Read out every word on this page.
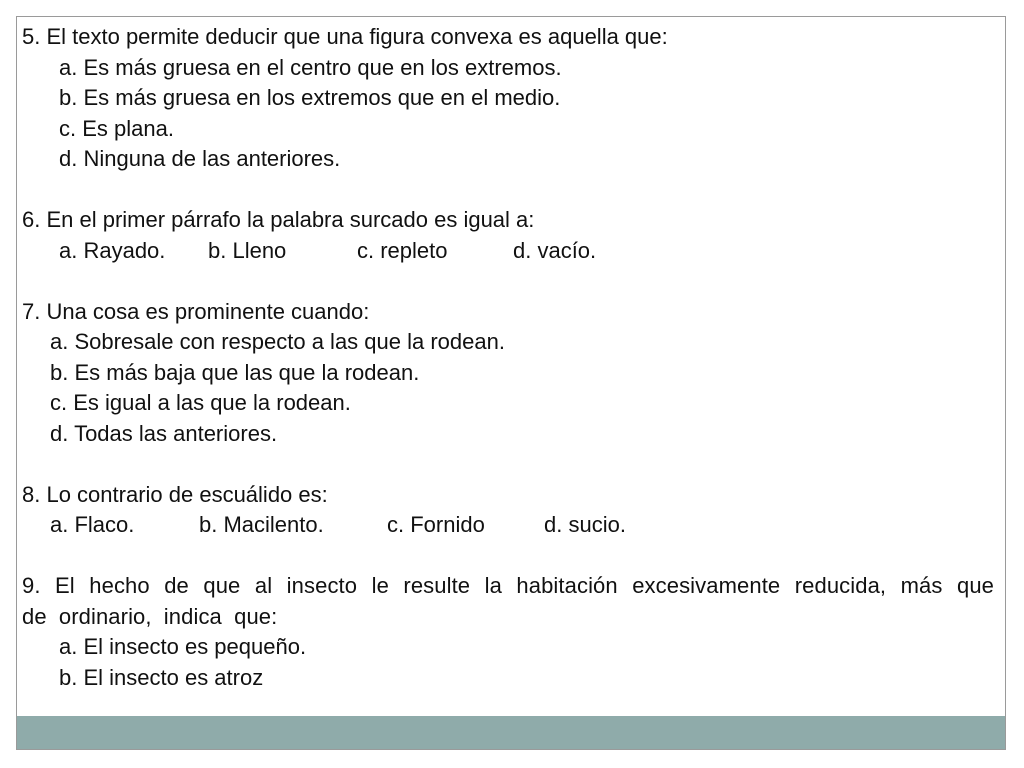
5. El texto permite deducir que una figura convexa es aquella que:
a. Es más gruesa en el centro que en los extremos.
b. Es más gruesa en los extremos que en el medio.
c. Es plana.
d. Ninguna de las anteriores.
6. En el primer párrafo la palabra surcado es igual a:
a. Rayado. b. Lleno	c. repleto	d. vacío.
7. Una cosa es prominente cuando:
a. Sobresale con respecto a las que la rodean.
b. Es más baja que las que la rodean.
c. Es igual a las que la rodean.
d. Todas las anteriores.
8. Lo contrario de escuálido es:
a. Flaco.	b. Macilento.	c. Fornido	d. sucio.
9. El hecho de que al insecto le resulte la habitación excesivamente reducida, más que de ordinario, indica que:
a. El insecto es pequeño.
b. El insecto es atroz
